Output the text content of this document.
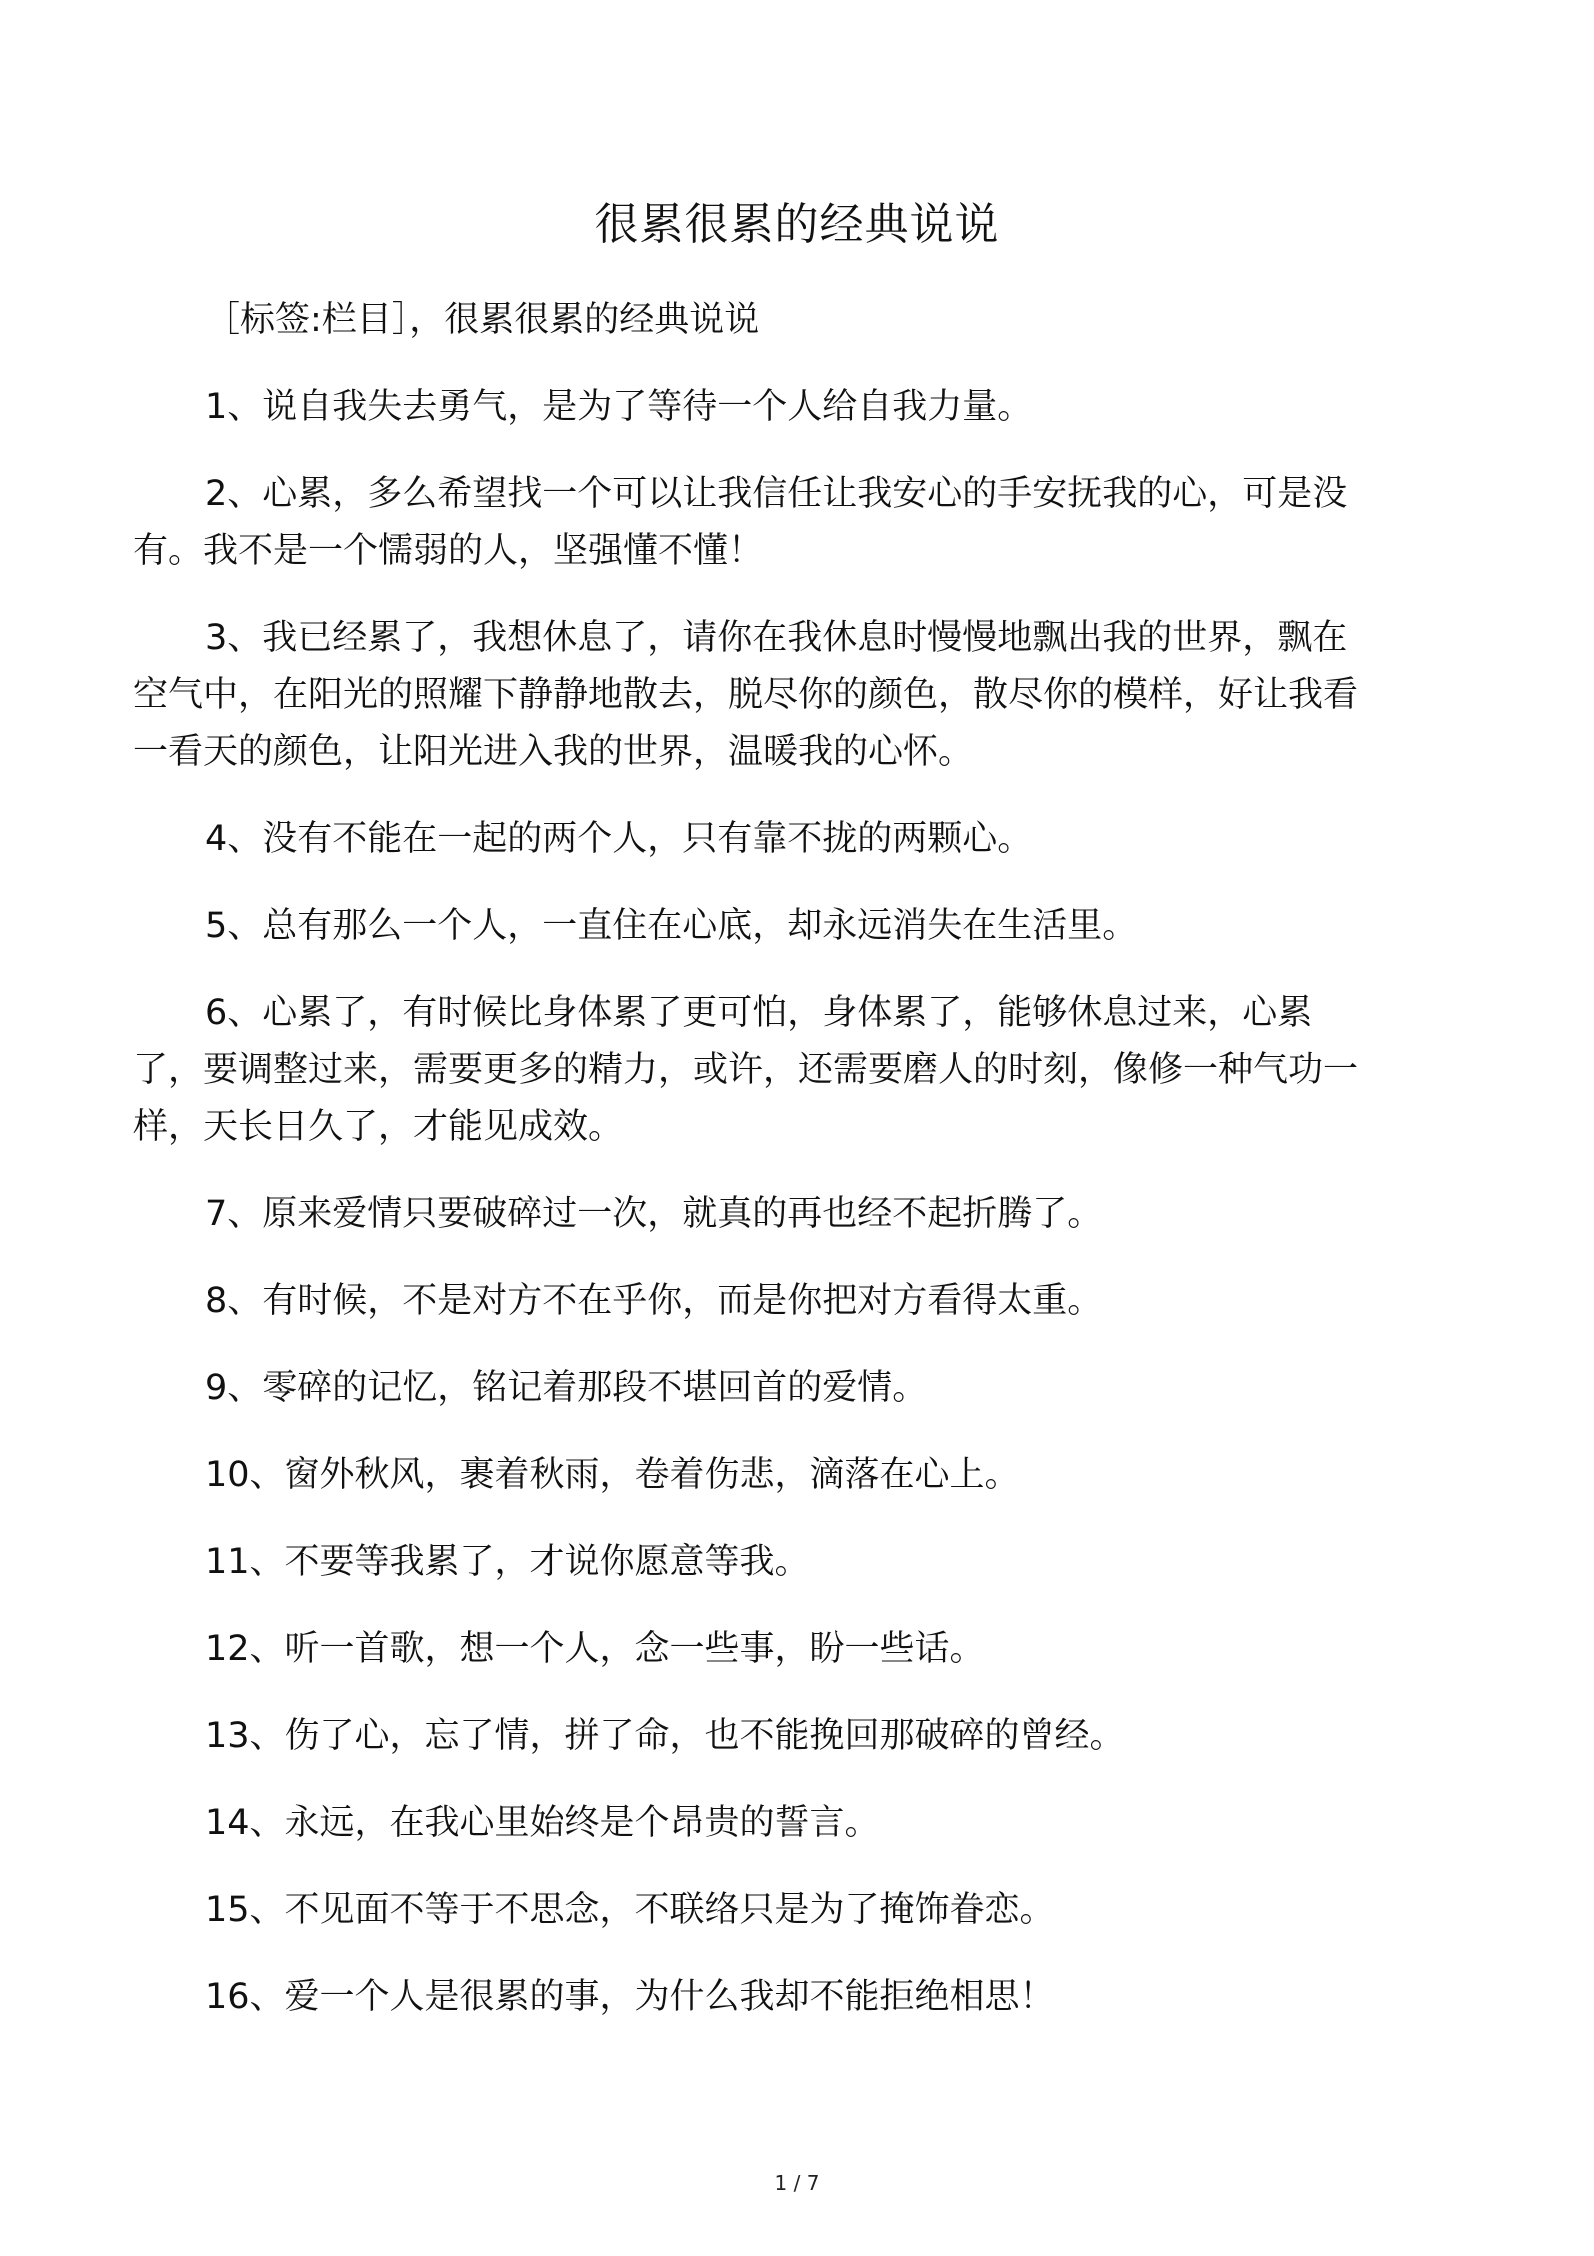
很累很累的经典说说

［标签:栏目］，很累很累的经典说说

1、说自我失去勇气，是为了等待一个人给自我力量。

2、心累，多么希望找一个可以让我信任让我安心的手安抚我的心，可是没有。我不是一个懦弱的人，坚强懂不懂！

3、我已经累了，我想休息了，请你在我休息时慢慢地飘出我的世界，飘在空气中，在阳光的照耀下静静地散去，脱尽你的颜色，散尽你的模样，好让我看一看天的颜色，让阳光进入我的世界，温暖我的心怀。

4、没有不能在一起的两个人，只有靠不拢的两颗心。

5、总有那么一个人，一直住在心底，却永远消失在生活里。

6、心累了，有时候比身体累了更可怕，身体累了，能够休息过来，心累了，要调整过来，需要更多的精力，或许，还需要磨人的时刻，像修一种气功一样，天长日久了，才能见成效。

7、原来爱情只要破碎过一次，就真的再也经不起折腾了。

8、有时候，不是对方不在乎你，而是你把对方看得太重。

9、零碎的记忆，铭记着那段不堪回首的爱情。

10、窗外秋风，裹着秋雨，卷着伤悲，滴落在心上。

11、不要等我累了，才说你愿意等我。

12、听一首歌，想一个人，念一些事，盼一些话。

13、伤了心，忘了情，拼了命，也不能挽回那破碎的曾经。

14、永远，在我心里始终是个昂贵的誓言。

15、不见面不等于不思念，不联络只是为了掩饰眷恋。

16、爱一个人是很累的事，为什么我却不能拒绝相思！

1 / 7
